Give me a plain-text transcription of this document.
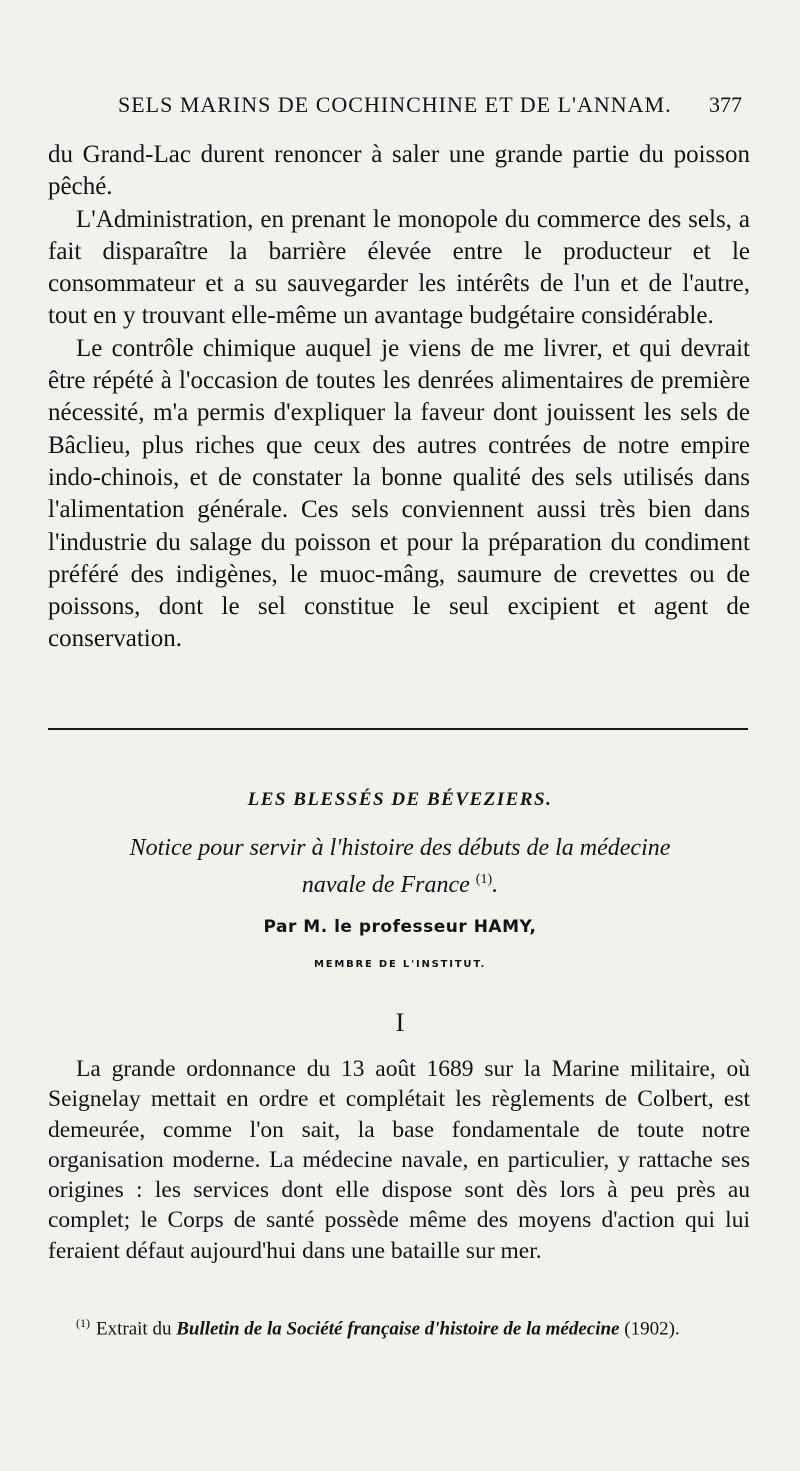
SELS MARINS DE COCHINCHINE ET DE L'ANNAM. 377

du Grand-Lac durent renoncer à saler une grande partie du poisson pêché.

L'Administration, en prenant le monopole du commerce des sels, a fait disparaître la barrière élevée entre le producteur et le consommateur et a su sauvegarder les intérêts de l'un et de l'autre, tout en y trouvant elle-même un avantage budgétaire considérable.

Le contrôle chimique auquel je viens de me livrer, et qui devrait être répété à l'occasion de toutes les denrées alimentaires de première nécessité, m'a permis d'expliquer la faveur dont jouissent les sels de Bâclieu, plus riches que ceux des autres contrées de notre empire indo-chinois, et de constater la bonne qualité des sels utilisés dans l'alimentation générale. Ces sels conviennent aussi très bien dans l'industrie du salage du poisson et pour la préparation du condiment préféré des indigènes, le muoc-mâng, saumure de crevettes ou de poissons, dont le sel constitue le seul excipient et agent de conservation.

LES BLESSÉS DE BÉVEZIERS.
Notice pour servir à l'histoire des débuts de la médecine navale de France $^{(1)}$.
Par M. le professeur HAMY,
MEMBRE DE L'INSTITUT.
I

La grande ordonnance du 13 août 1689 sur la Marine militaire, où Seignelay mettait en ordre et complétait les règlements de Colbert, est demeurée, comme l'on sait, la base fondamentale de toute notre organisation moderne. La médecine navale, en particulier, y rattache ses origines : les services dont elle dispose sont dès lors à peu près au complet; le Corps de santé possède même des moyens d'action qui lui feraient défaut aujourd'hui dans une bataille sur mer.

$^{(1)}$ Extrait du Bulletin de la Société française d'histoire de la médecine (1902).
